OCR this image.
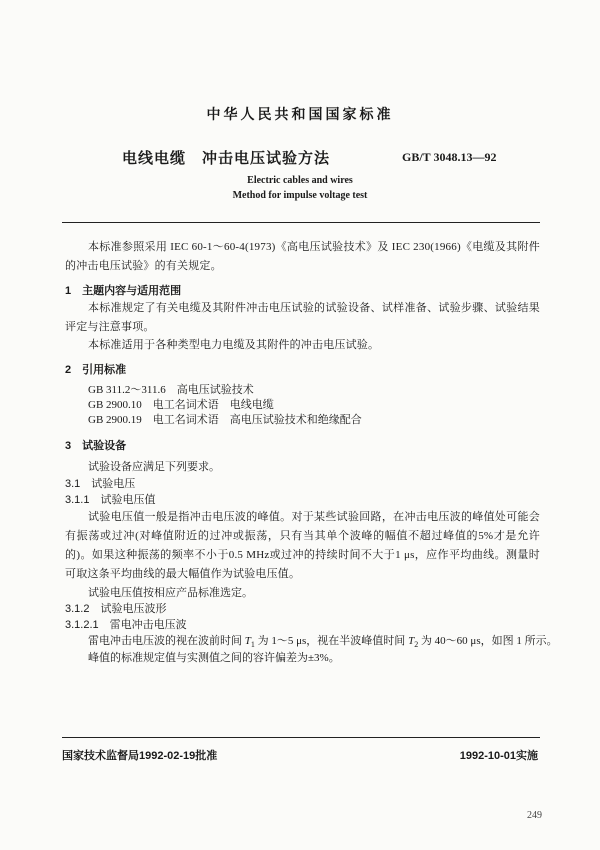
中华人民共和国国家标准
电线电缆　冲击电压试验方法	GB/T 3048.13—92
Electric cables and wires
Method for impulse voltage test
本标准参照采用 IEC 60-1～60-4(1973)《高电压试验技术》及 IEC 230(1966)《电缆及其附件的冲击电压试验》的有关规定。
1　主题内容与适用范围
本标准规定了有关电缆及其附件冲击电压试验的试验设备、试样准备、试验步骤、试验结果评定与注意事项。
本标准适用于各种类型电力电缆及其附件的冲击电压试验。
2　引用标准
GB 311.2～311.6　高电压试验技术
GB 2900.10　电工名词术语　电线电缆
GB 2900.19　电工名词术语　高电压试验技术和绝缘配合
3　试验设备
试验设备应满足下列要求。
3.1　试验电压
3.1.1　试验电压值
试验电压值一般是指冲击电压波的峰值。对于某些试验回路，在冲击电压波的峰值处可能会有振荡或过冲(对峰值附近的过冲或振荡，只有当其单个波峰的幅值不超过峰值的5%才是允许的)。如果这种振荡的频率不小于0.5 MHz或过冲的持续时间不大于1 μs，应作平均曲线。测量时可取这条平均曲线的最大幅值作为试验电压值。
试验电压值按相应产品标准选定。
3.1.2　试验电压波形
3.1.2.1　雷电冲击电压波
雷电冲击电压波的视在波前时间 $T_1$ 为 1～5 μs，视在半波峰值时间 $T_2$ 为 40～60 μs，如图 1 所示。
峰值的标准规定值与实测值之间的容许偏差为±3%。
国家技术监督局1992-02-19批准	1992-10-01实施
249
